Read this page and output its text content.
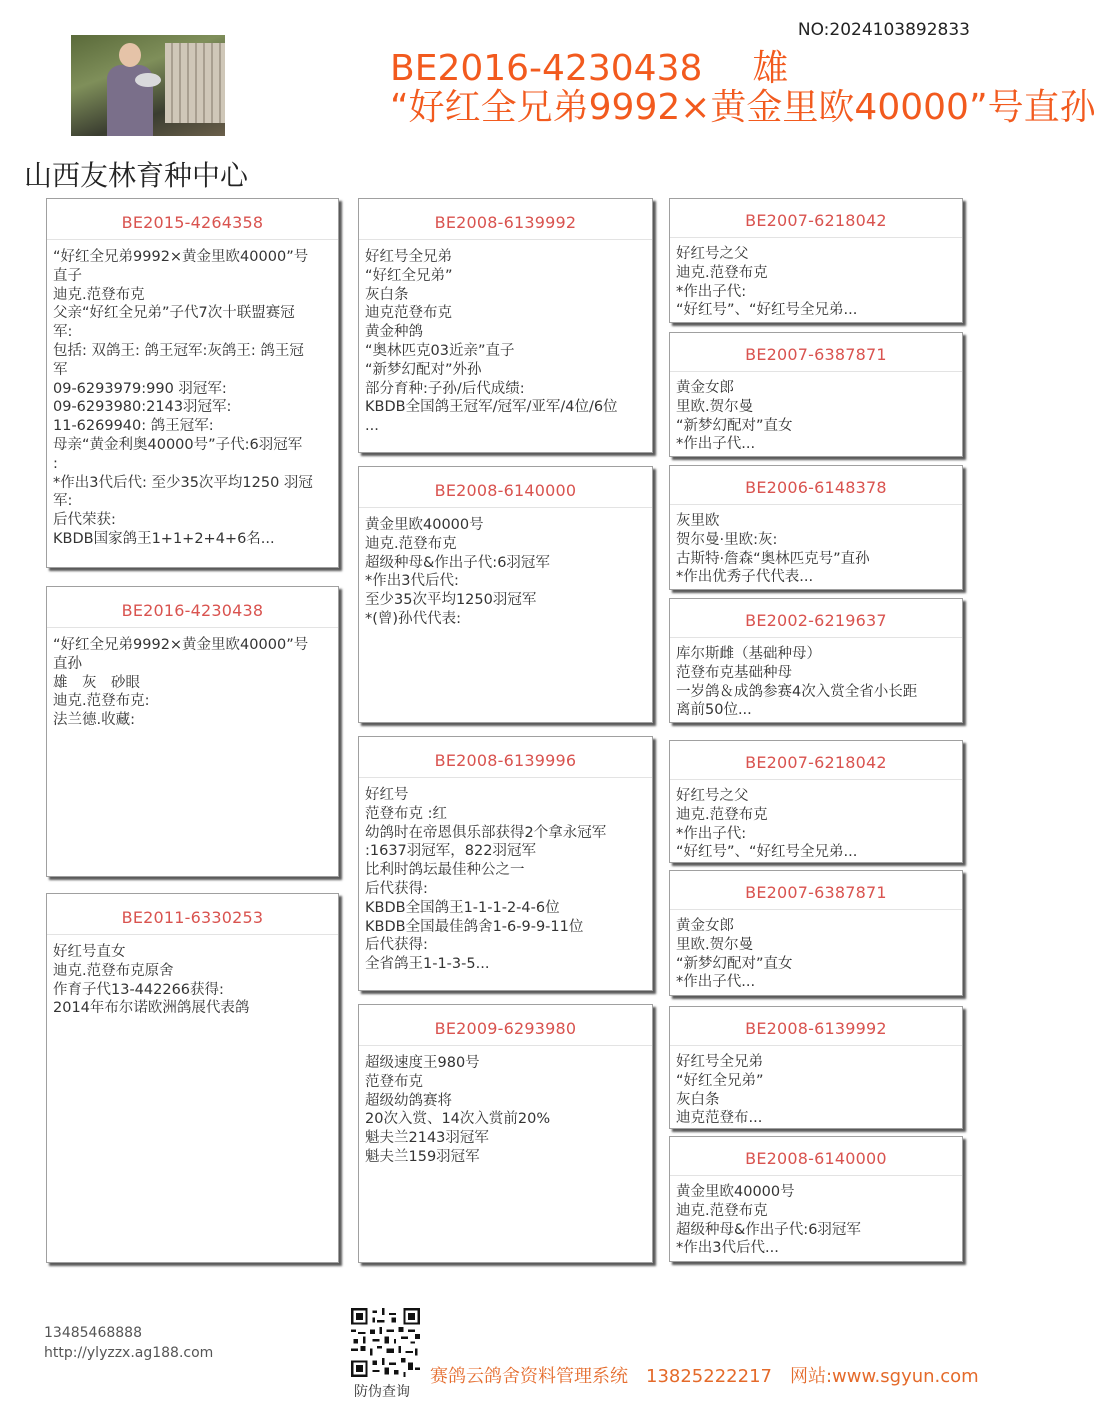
NO:2024103892833
BE2016-4230438 雄
“好红全兄弟9992×黄金里欧40000”号直孙
山西友林育种中心
BE2015-4264358
“好红全兄弟9992×黄金里欧40000”号
直子
迪克.范登布克
父亲“好红全兄弟”子代7次十联盟赛冠
军:
包括: 双鸽王: 鸽王冠军:灰鸽王: 鸽王冠
军
09-6293979:990 羽冠军:
09-6293980:2143羽冠军:
11-6269940: 鸽王冠军:
母亲“黄金利奥40000号”子代:6羽冠军
:
*作出3代后代: 至少35次平均1250 羽冠
军:
后代荣获:
KBDB国家鸽王1+1+2+4+6名...
BE2016-4230438
“好红全兄弟9992×黄金里欧40000”号
直孙
雄　灰　砂眼
迪克.范登布克:
法兰德.收藏:
BE2011-6330253
好红号直女
迪克.范登布克原舍
作育子代13-442266获得:
2014年布尔诺欧洲鸽展代表鸽
BE2008-6139992
好红号全兄弟
“好红全兄弟”
灰白条
迪克范登布克
黄金种鸽
“奥林匹克03近亲”直子
“新梦幻配对”外孙
部分育种:子孙/后代成绩:
KBDB全国鸽王冠军/冠军/亚军/4位/6位
...
BE2008-6140000
黄金里欧40000号
迪克.范登布克
超级种母&作出子代:6羽冠军
*作出3代后代:
至少35次平均1250羽冠军
*(曾)孙代代表:
BE2008-6139996
好红号
范登布克 :红
幼鸽时在帝恩俱乐部获得2个拿永冠军
:1637羽冠军，822羽冠军
比利时鸽坛最佳种公之一
后代获得:
KBDB全国鸽王1-1-1-2-4-6位
KBDB全国最佳鸽舍1-6-9-9-11位
后代获得:
全省鸽王1-1-3-5...
BE2009-6293980
超级速度王980号
范登布克
超级幼鸽赛将
20次入赏、14次入赏前20%
魁夫兰2143羽冠军
魁夫兰159羽冠军
BE2007-6218042
好红号之父
迪克.范登布克
*作出子代:
“好红号”、“好红号全兄弟...
BE2007-6387871
黄金女郎
里欧.贺尔曼
“新梦幻配对”直女
*作出子代...
BE2006-6148378
灰里欧
贺尔曼·里欧:灰:
古斯特·詹森“奥林匹克号”直孙
*作出优秀子代代表...
BE2002-6219637
库尔斯雌（基础种母）
范登布克基础种母
一岁鸽＆成鸽参赛4次入赏全省小长距
离前50位...
BE2007-6218042
好红号之父
迪克.范登布克
*作出子代:
“好红号”、“好红号全兄弟...
BE2007-6387871
黄金女郎
里欧.贺尔曼
“新梦幻配对”直女
*作出子代...
BE2008-6139992
好红号全兄弟
“好红全兄弟”
灰白条
迪克范登布...
BE2008-6140000
黄金里欧40000号
迪克.范登布克
超级种母&作出子代:6羽冠军
*作出3代后代...
13485468888
http://ylyzzx.ag188.com
防伪查询
赛鸽云鸽舍资料管理系统 13825222217 网站:www.sgyun.com
